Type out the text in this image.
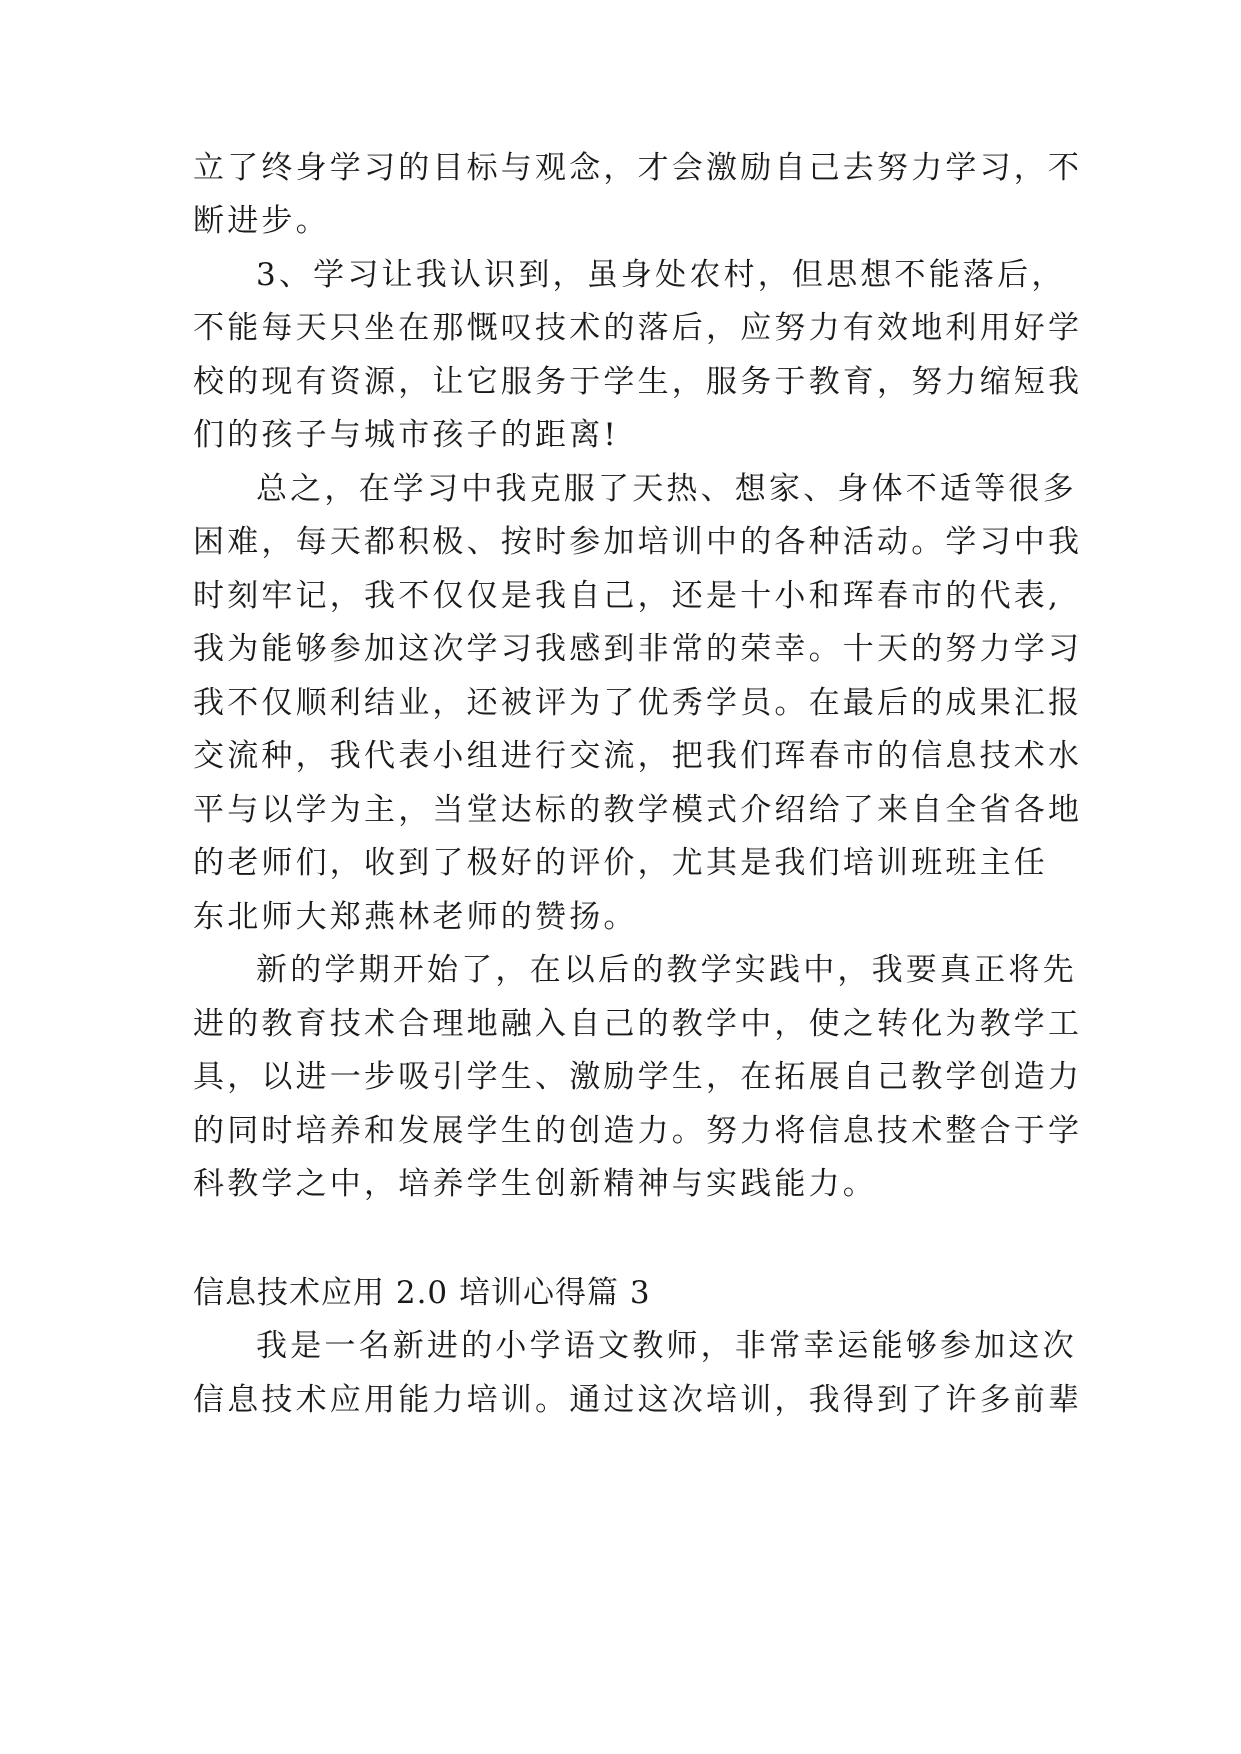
立了终身学习的目标与观念，才会激励自己去努力学习，不
断进步。
3、学习让我认识到，虽身处农村，但思想不能落后，
不能每天只坐在那慨叹技术的落后，应努力有效地利用好学
校的现有资源，让它服务于学生，服务于教育，努力缩短我
们的孩子与城市孩子的距离!
总之，在学习中我克服了天热、想家、身体不适等很多
困难，每天都积极、按时参加培训中的各种活动。学习中我
时刻牢记，我不仅仅是我自己，还是十小和珲春市的代表,
我为能够参加这次学习我感到非常的荣幸。十天的努力学习
我不仅顺利结业，还被评为了优秀学员。在最后的成果汇报
交流种，我代表小组进行交流，把我们珲春市的信息技术水
平与以学为主，当堂达标的教学模式介绍给了来自全省各地
的老师们，收到了极好的评价，尤其是我们培训班班主任
东北师大郑燕林老师的赞扬。
新的学期开始了，在以后的教学实践中，我要真正将先
进的教育技术合理地融入自己的教学中，使之转化为教学工
具，以进一步吸引学生、激励学生，在拓展自己教学创造力
的同时培养和发展学生的创造力。努力将信息技术整合于学
科教学之中，培养学生创新精神与实践能力。
信息技术应用 2.0 培训心得篇 3
我是一名新进的小学语文教师，非常幸运能够参加这次
信息技术应用能力培训。通过这次培训，我得到了许多前辈
